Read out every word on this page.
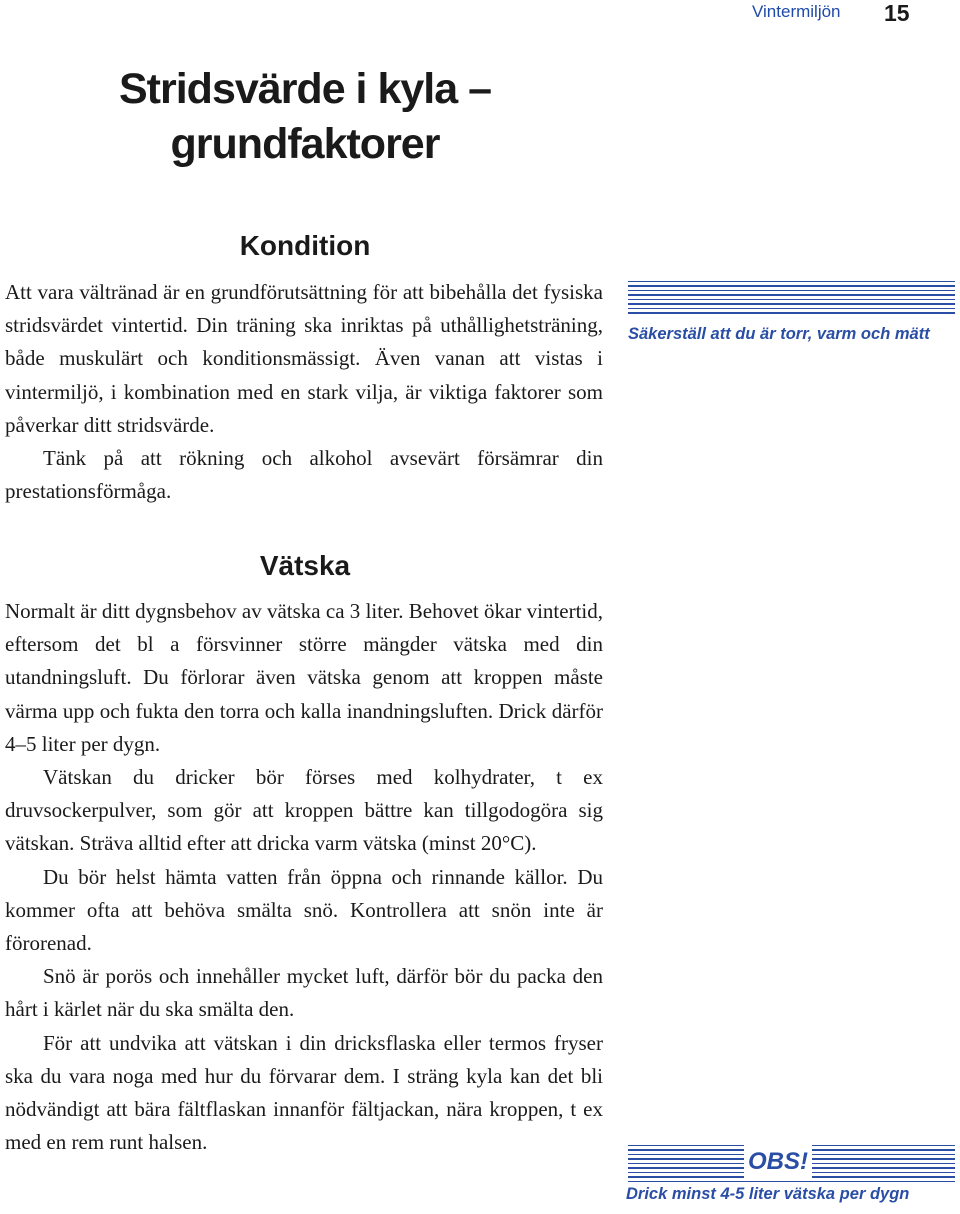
Vintermiljön 15
Stridsvärde i kyla –
grundfaktorer
Kondition

Att vara vältränad är en grundförutsättning för att bibehålla det fysiska stridsvärdet vintertid. Din träning ska inriktas på uthållighetsträning, både muskulärt och konditionsmässigt. Även vanan att vistas i vintermiljö, i kombination med en stark vilja, är viktiga faktorer som påverkar ditt stridsvärde.

Tänk på att rökning och alkohol avsevärt försämrar din prestationsförmåga.

Vätska

Normalt är ditt dygnsbehov av vätska ca 3 liter. Behovet ökar vintertid, eftersom det bl a försvinner större mängder vätska med din utandningsluft. Du förlorar även vätska genom att kroppen måste värma upp och fukta den torra och kalla inandningsluften. Drick därför 4–5 liter per dygn.

Vätskan du dricker bör förses med kolhydrater, t ex druvsockerpulver, som gör att kroppen bättre kan tillgodogöra sig vätskan. Sträva alltid efter att dricka varm vätska (minst 20°C).

Du bör helst hämta vatten från öppna och rinnande källor. Du kommer ofta att behöva smälta snö. Kontrollera att snön inte är förorenad.

Snö är porös och innehåller mycket luft, därför bör du packa den hårt i kärlet när du ska smälta den.

För att undvika att vätskan i din dricksflaska eller termos fryser ska du vara noga med hur du förvarar dem. I sträng kyla kan det bli nödvändigt att bära fältflaskan innanför fältjackan, nära kroppen, t ex med en rem runt halsen.

Säkerställ att du är torr, varm och mätt
OBS!
Drick minst 4-5 liter vätska per dygn
